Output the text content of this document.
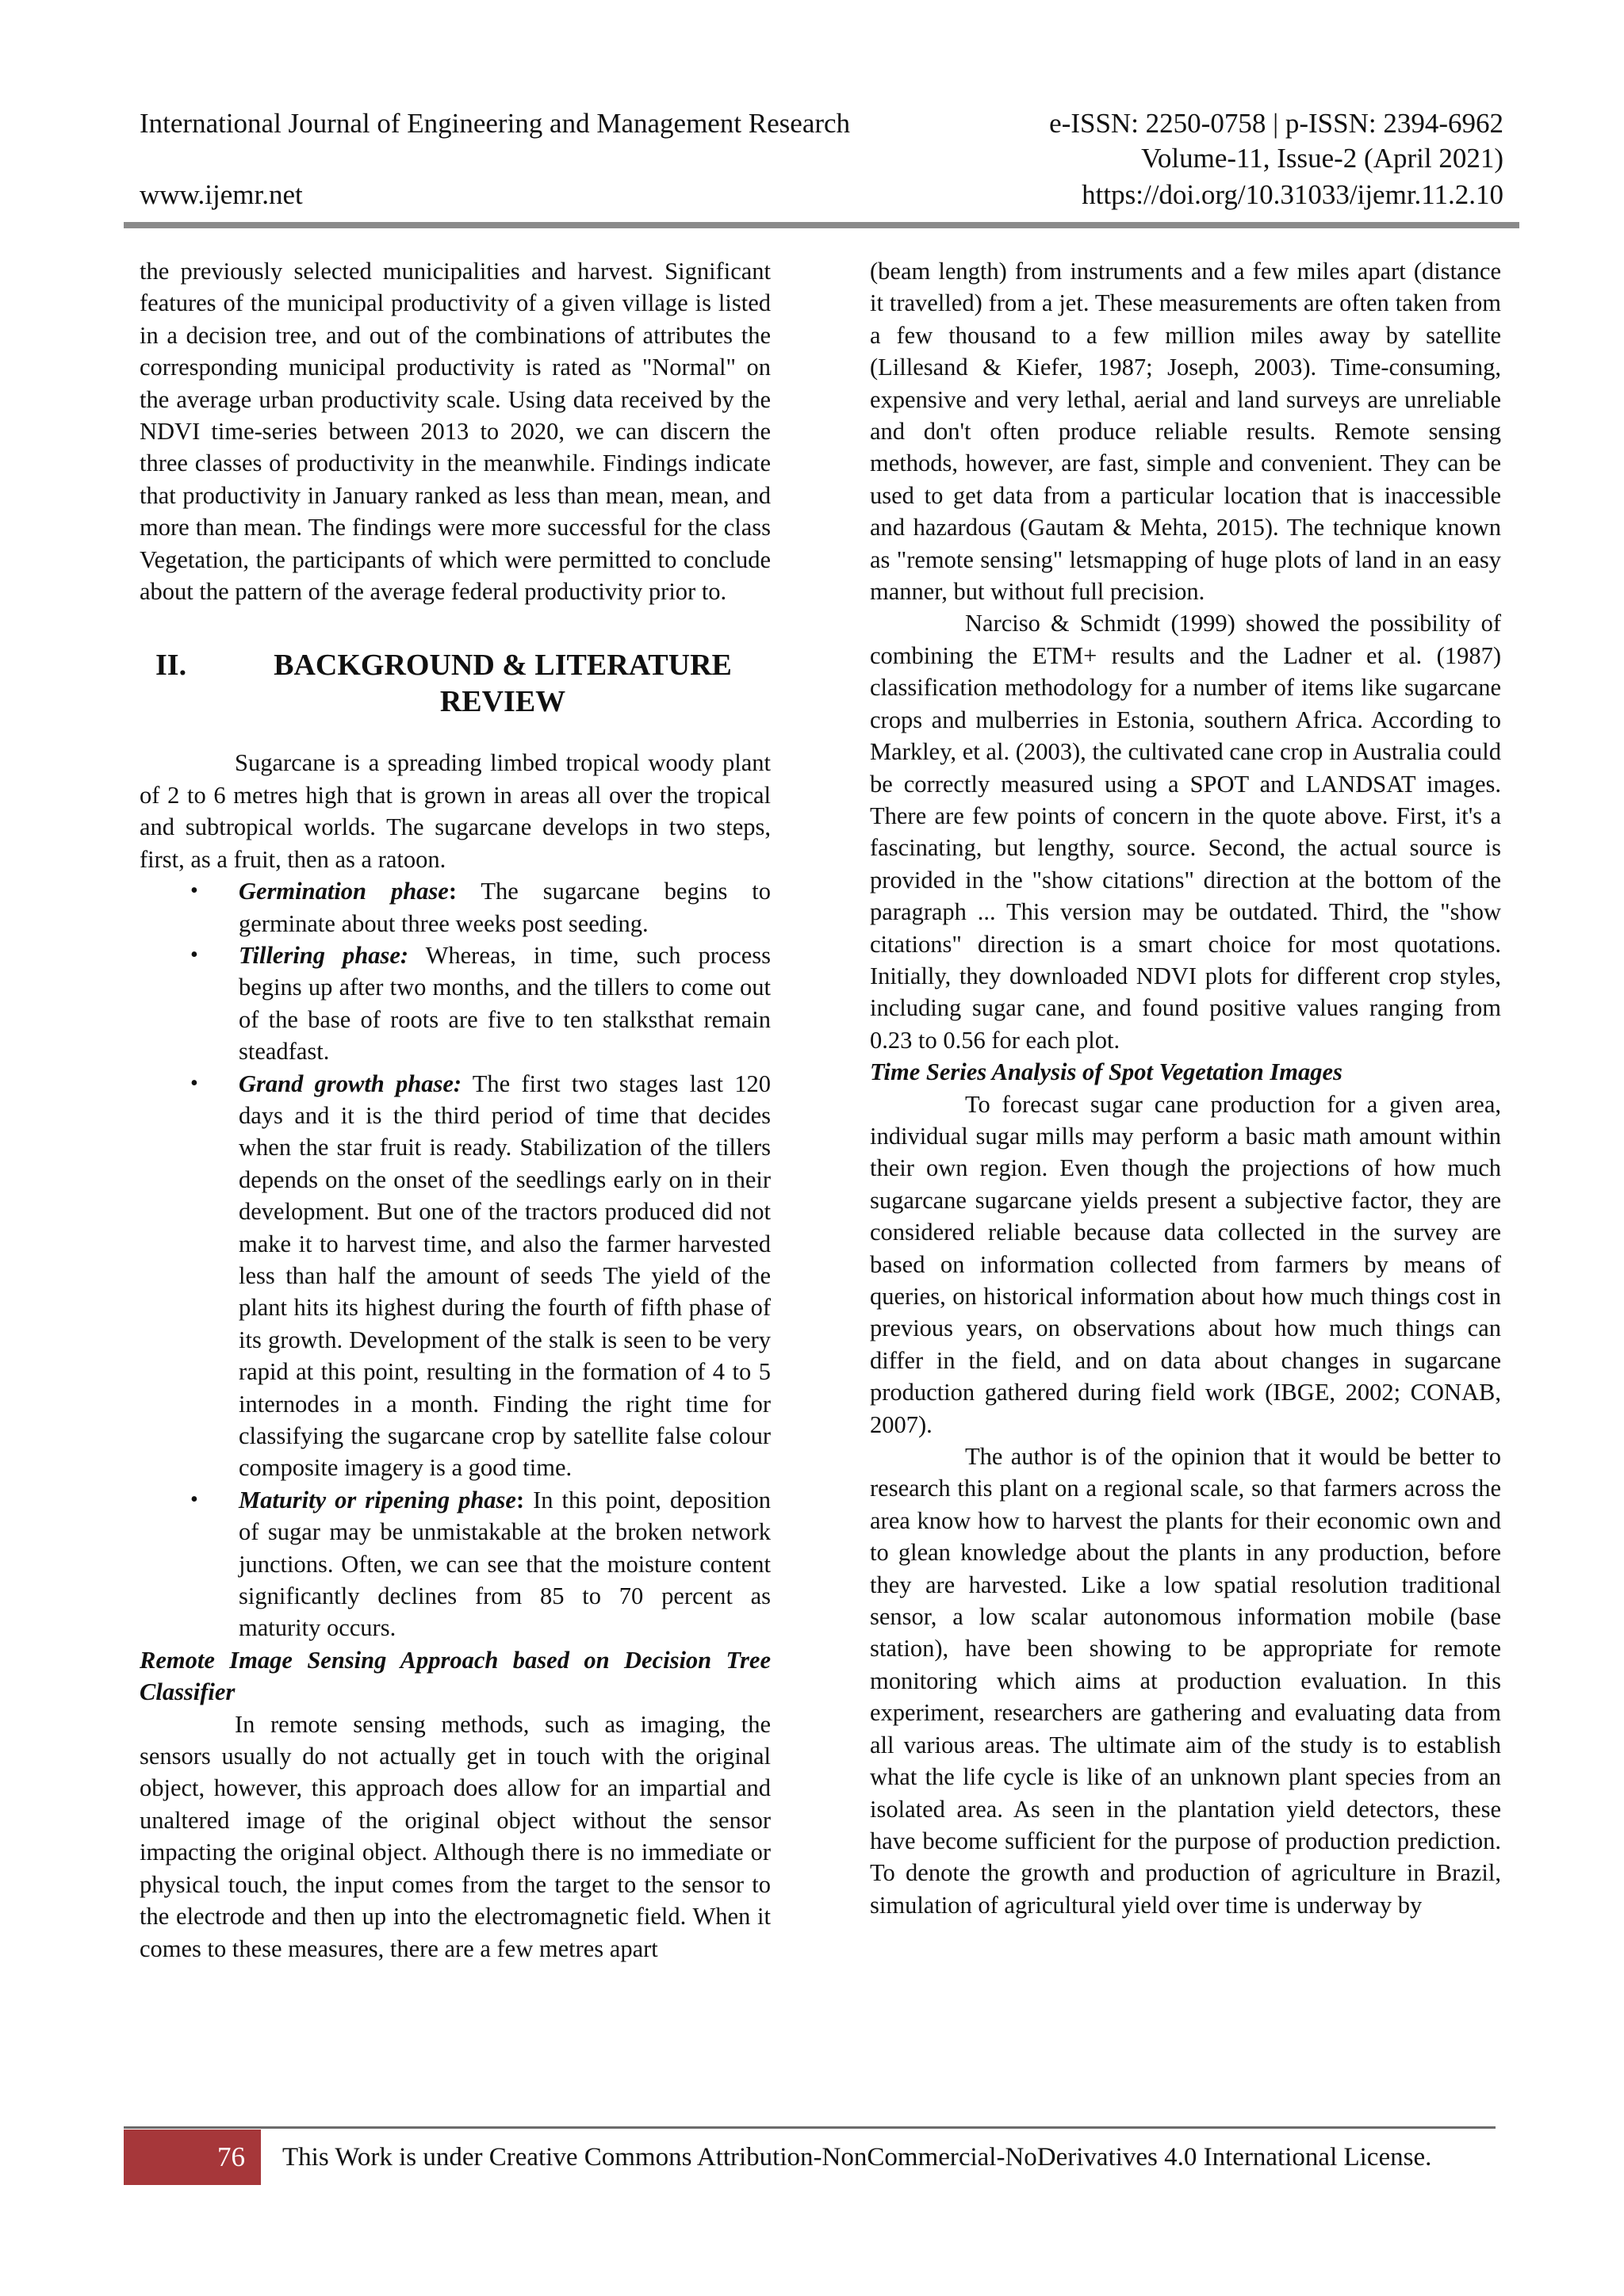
International Journal of Engineering and Management Research	e-ISSN: 2250-0758 | p-ISSN: 2394-6962
Volume-11, Issue-2 (April 2021)
www.ijemr.net	https://doi.org/10.31033/ijemr.11.2.10

the previously selected municipalities and harvest. Significant features of the municipal productivity of a given village is listed in a decision tree, and out of the combinations of attributes the corresponding municipal productivity is rated as "Normal" on the average urban productivity scale. Using data received by the NDVI time-series between 2013 to 2020, we can discern the three classes of productivity in the meanwhile. Findings indicate that productivity in January ranked as less than mean, mean, and more than mean. The findings were more successful for the class Vegetation, the participants of which were permitted to conclude about the pattern of the average federal productivity prior to.

II.	BACKGROUND & LITERATURE
REVIEW

Sugarcane is a spreading limbed tropical woody plant of 2 to 6 metres high that is grown in areas all over the tropical and subtropical worlds. The sugarcane develops in two steps, first, as a fruit, then as a ratoon.

• Germination phase: The sugarcane begins to germinate about three weeks post seeding.
• Tillering phase: Whereas, in time, such process begins up after two months, and the tillers to come out of the base of roots are five to ten stalksthat remain steadfast.
• Grand growth phase: The first two stages last 120 days and it is the third period of time that decides when the star fruit is ready. Stabilization of the tillers depends on the onset of the seedlings early on in their development. But one of the tractors produced did not make it to harvest time, and also the farmer harvested less than half the amount of seeds The yield of the plant hits its highest during the fourth of fifth phase of its growth. Development of the stalk is seen to be very rapid at this point, resulting in the formation of 4 to 5 internodes in a month. Finding the right time for classifying the sugarcane crop by satellite false colour composite imagery is a good time.
• Maturity or ripening phase: In this point, deposition of sugar may be unmistakable at the broken network junctions. Often, we can see that the moisture content significantly declines from 85 to 70 percent as maturity occurs.

Remote Image Sensing Approach based on Decision Tree Classifier

In remote sensing methods, such as imaging, the sensors usually do not actually get in touch with the original object, however, this approach does allow for an impartial and unaltered image of the original object without the sensor impacting the original object. Although there is no immediate or physical touch, the input comes from the target to the sensor to the electrode and then up into the electromagnetic field. When it comes to these measures, there are a few metres apart

(beam length) from instruments and a few miles apart (distance it travelled) from a jet. These measurements are often taken from a few thousand to a few million miles away by satellite (Lillesand & Kiefer, 1987; Joseph, 2003). Time-consuming, expensive and very lethal, aerial and land surveys are unreliable and don't often produce reliable results. Remote sensing methods, however, are fast, simple and convenient. They can be used to get data from a particular location that is inaccessible and hazardous (Gautam & Mehta, 2015). The technique known as "remote sensing" letsmapping of huge plots of land in an easy manner, but without full precision.

Narciso & Schmidt (1999) showed the possibility of combining the ETM+ results and the Ladner et al. (1987) classification methodology for a number of items like sugarcane crops and mulberries in Estonia, southern Africa. According to Markley, et al. (2003), the cultivated cane crop in Australia could be correctly measured using a SPOT and LANDSAT images. There are few points of concern in the quote above. First, it's a fascinating, but lengthy, source. Second, the actual source is provided in the "show citations" direction at the bottom of the paragraph ... This version may be outdated. Third, the "show citations" direction is a smart choice for most quotations. Initially, they downloaded NDVI plots for different crop styles, including sugar cane, and found positive values ranging from 0.23 to 0.56 for each plot.

Time Series Analysis of Spot Vegetation Images

To forecast sugar cane production for a given area, individual sugar mills may perform a basic math amount within their own region. Even though the projections of how much sugarcane sugarcane yields present a subjective factor, they are considered reliable because data collected in the survey are based on information collected from farmers by means of queries, on historical information about how much things cost in previous years, on observations about how much things can differ in the field, and on data about changes in sugarcane production gathered during field work (IBGE, 2002; CONAB, 2007).

The author is of the opinion that it would be better to research this plant on a regional scale, so that farmers across the area know how to harvest the plants for their economic own and to glean knowledge about the plants in any production, before they are harvested. Like a low spatial resolution traditional sensor, a low scalar autonomous information mobile (base station), have been showing to be appropriate for remote monitoring which aims at production evaluation. In this experiment, researchers are gathering and evaluating data from all various areas. The ultimate aim of the study is to establish what the life cycle is like of an unknown plant species from an isolated area. As seen in the plantation yield detectors, these have become sufficient for the purpose of production prediction. To denote the growth and production of agriculture in Brazil, simulation of agricultural yield over time is underway by

76	This Work is under Creative Commons Attribution-NonCommercial-NoDerivatives 4.0 International License.
